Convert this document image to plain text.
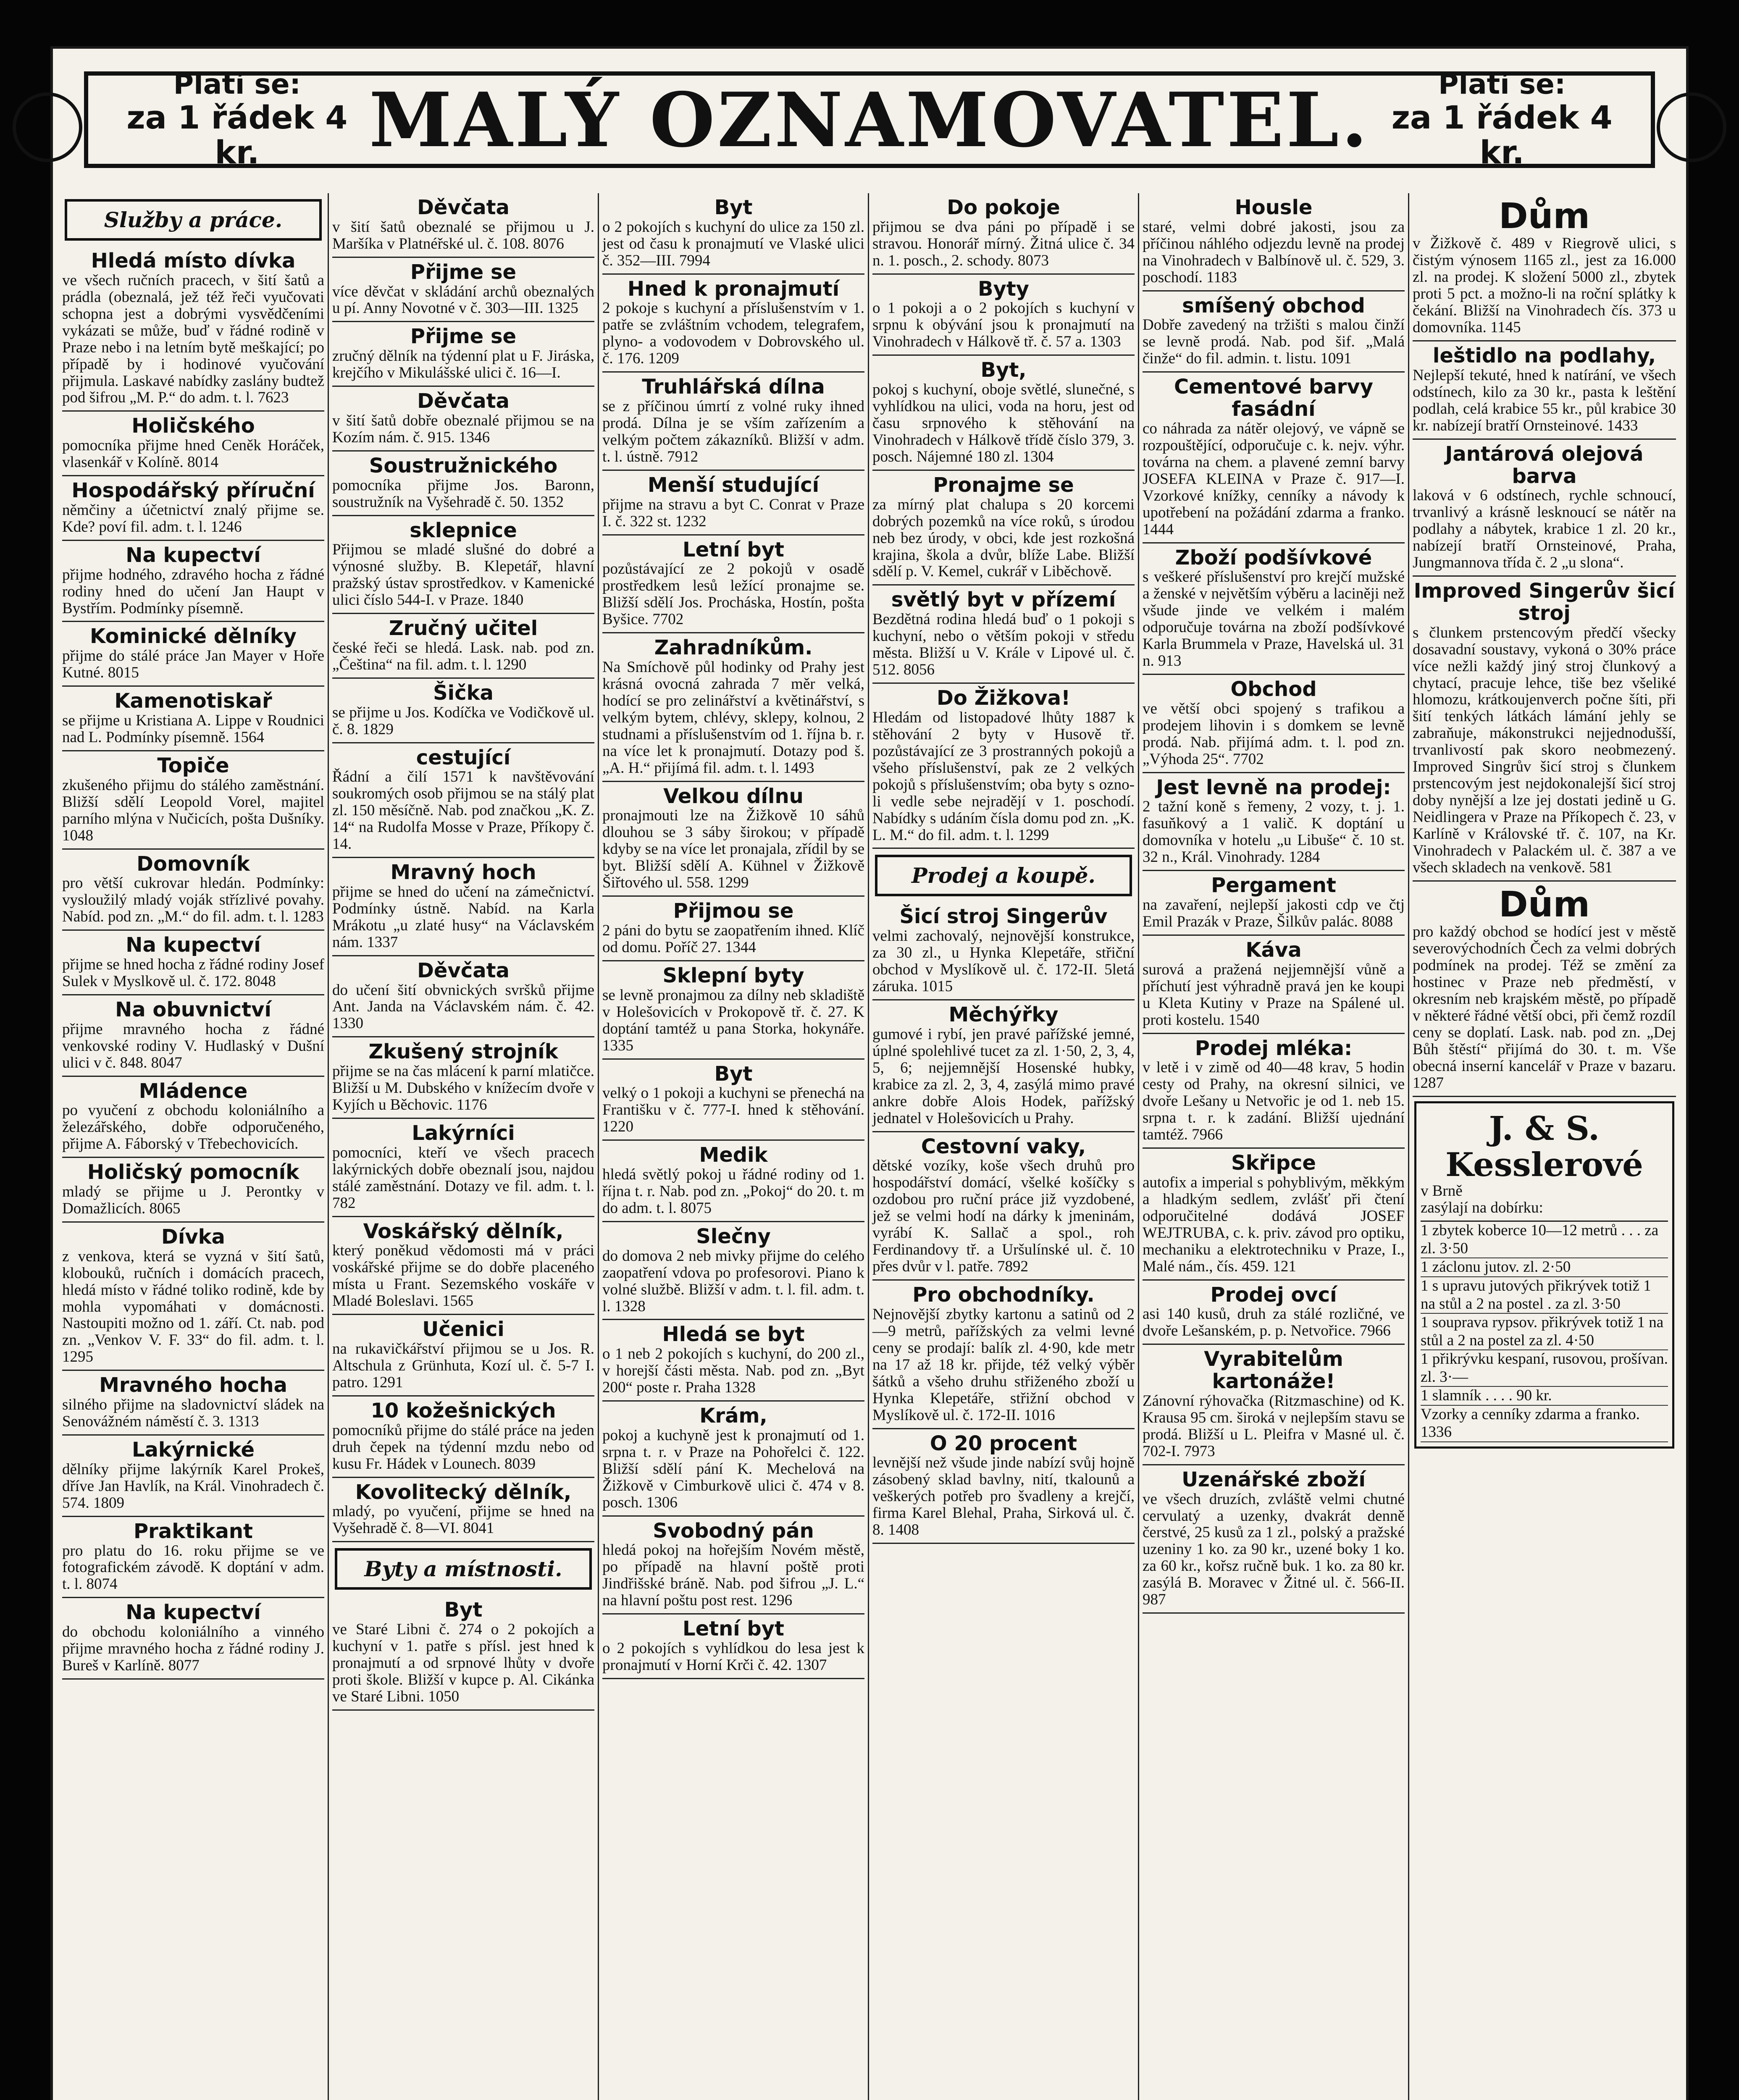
Platí se:
za 1 řádek 4 kr.	MALÝ OZNAMOVATEL.	Platí se:
za 1 řádek 4 kr.
Služby a práce.
Hledá místo dívka

ve všech ručních pracech, v šití šatů a prádla (obeznalá, jež též řeči vyučovati schopna jest a dobrými vysvědčeními vykázati se může, buď v řádné rodině v Praze nebo i na letním bytě meškající; po případě by i hodinové vyučování přijmula. Laskavé nabídky zaslány budtež pod šifrou „M. P.“ do adm. t. l. 7623

Holičského

pomocníka přijme hned Ceněk Horáček, vlasenkář v Kolíně. 8014

Hospodářský příruční

němčiny a účetnictví znalý přijme se. Kde? poví fil. adm. t. l. 1246

Na kupectví

přijme hodného, zdravého hocha z řádné rodiny hned do učení Jan Haupt v Bystřím. Podmínky písemně.

Kominické dělníky

přijme do stálé práce Jan Mayer v Hoře Kutné. 8015

Kamenotiskař

se přijme u Kristiana A. Lippe v Roudnici nad L. Podmínky písemně. 1564

Topiče

zkušeného přijmu do stálého zaměstnání. Bližší sdělí Leopold Vorel, majitel parního mlýna v Nučicích, pošta Dušníky. 1048

Domovník

pro větší cukrovar hledán. Podmínky: vysloužilý mladý voják střízlivé povahy. Nabíd. pod zn. „M.“ do fil. adm. t. l. 1283

Na kupectví

přijme se hned hocha z řádné rodiny Josef Sulek v Myslkově ul. č. 172. 8048

Na obuvnictví

přijme mravného hocha z řádné venkovské rodiny V. Hudlaský v Dušní ulici v č. 848. 8047

Mládence

po vyučení z obchodu koloniálního a železářského, dobře odporučeného, přijme A. Fáborský v Třebechovicích.

Holičský pomocník

mladý se přijme u J. Perontky v Domažlicích. 8065

Dívka

z venkova, která se vyzná v šití šatů, klobouků, ručních i domácích pracech, hledá místo v řádné tolikо rodině, kde by mohla vypomáhati v domácnosti. Nastoupiti možno od 1. září. Ct. nab. pod zn. „Venkov V. F. 33“ do fil. adm. t. l. 1295

Mravného hocha

silného přijme na sladovnictví sládek na Senovážném náměstí č. 3. 1313

Lakýrnické

dělníky přijme lakýrník Karel Prokeš, dříve Jan Havlík, na Král. Vinohradech č. 574. 1809

Praktikant

pro platu do 16. roku přijme se ve fotografickém závodě. K doptání v adm. t. l. 8074

Na kupectví

do obchodu koloniálního a vinného přijme mravného hocha z řádné rodiny J. Bureš v Karlíně. 8077

Děvčata

v šití šatů obeznalé se přijmou u J. Maršíka v Platnéřské ul. č. 108. 8076

Přijme se

více děvčat v skládání archů obeznalých u pí. Anny Novotné v č. 303—III. 1325

Přijme se

zručný dělník na týdenní plat u F. Jiráska, krejčího v Mikulášské ulici č. 16—I.

Děvčata

v šití šatů dobře obeznalé přijmou se na Kozím nám. č. 915. 1346

Soustružnického

pomocníka přijme Jos. Baronn, soustružník na Vyšehradě č. 50. 1352

sklepnice

Přijmou se mladé slušné do dobré a výnosné služby. B. Klepetář, hlavní pražský ústav sprostředkov. v Kamenické ulici číslo 544-I. v Praze. 1840

Zručný učitel

české řeči se hledá. Lask. nab. pod zn. „Čeština“ na fil. adm. t. l. 1290

Šička

se přijme u Jos. Kodíčka ve Vodičkově ul. č. 8. 1829

cestující

Řádní a čilí 1571 k navštěvování soukromých osob přijmou se na stálý plat zl. 150 měsíčně. Nab. pod značkou „K. Z. 14“ na Rudolfa Mosse v Praze, Příkopy č. 14.

Mravný hoch

přijme se hned do učení na zámečnictví. Podmínky ústně. Nabíd. na Karla Mrákotu „u zlaté husy“ na Václavském nám. 1337

Děvčata

do učení šití obvnických svršků přijme Ant. Janda na Václavském nám. č. 42. 1330

Zkušený strojník

přijme se na čas mlácení k parní mlatičce. Bližší u M. Dubského v knížecím dvoře v Kyjích u Běchovic. 1176

Lakýrníci

pomocníci, kteří ve všech pracech lakýrnických dobře obeznalí jsou, najdou stálé zaměstnání. Dotazy ve fil. adm. t. l. 782

Voskářský dělník,

který poněkud vědomosti má v práci voskářské přijme se do dobře placeného místa u Frant. Sezemského voskáře v Mladé Boleslavi. 1565

Učenici

na rukavičkářství přijmou se u Jos. R. Altschula z Grünhuta, Kozí ul. č. 5-7 I. patro. 1291

10 kožešnických

pomocníků přijme do stálé práce na jeden druh čepek na týdenní mzdu nebo od kusu Fr. Hádek v Lounech. 8039

Kovolitecký dělník,

mladý, po vyučení, přijme se hned na Vyšehradě č. 8—VI. 8041

Byty a místnosti.
Byt

ve Staré Libni č. 274 o 2 pokojích a kuchyní v 1. patře s přísl. jest hned k pronajmutí a od srpnové lhůty v dvoře proti škole. Bližší v kupce p. Al. Cikánka ve Staré Libni. 1050

Byt

o 2 pokojích s kuchyní do ulice za 150 zl. jest od času k pronajmutí ve Vlaské ulici č. 352—III. 7994

Hned k pronajmutí

2 pokoje s kuchyní a příslušenstvím v 1. patře se zvláštním vchodem, telegrafem, plyno- a vodovodem v Dobrovského ul. č. 176. 1209

Truhlářská dílna

se z příčinou úmrtí z volné ruky ihned prodá. Dílna je se vším zařízením a velkým počtem zákazníků. Bližší v adm. t. l. ústně. 7912

Menší studující

přijme na stravu a byt C. Conrat v Praze I. č. 322 st. 1232

Letní byt

pozůstávající ze 2 pokojů v osadě prostředkem lesů ležící pronajme se. Bližší sdělí Jos. Procháska, Hostín, pošta Byšice. 7702

Zahradníkům.

Na Smíchově půl hodinky od Prahy jest krásná ovocná zahrada 7 měr velká, hodící se pro zelinářství a květinářství, s velkým bytem, chlévy, sklepy, kolnou, 2 studnami a příslušenstvím od 1. října b. r. na více let k pronajmutí. Dotazy pod š. „A. H.“ přijímá fil. adm. t. l. 1493

Velkou dílnu

pronajmouti lze na Žižkově 10 sáhů dlouhou se 3 sáby širokou; v případě kdyby se na více let pronajala, zřídil by se byt. Bližší sdělí A. Kühnel v Žižkově Šiřtového ul. 558. 1299

Přijmou se

2 páni do bytu se zaopatřením ihned. Klíč od domu. Poříč 27. 1344

Sklepní byty

se levně pronajmou za dílny neb skladiště v Holešovicích v Prokopově tř. č. 27. K doptání tamtéž u pana Storka, hokynáře. 1335

Byt

velký o 1 pokoji a kuchyni se přenechá na Františku v č. 777-I. hned k stěhování. 1220

Medik

hledá světlý pokoj u řádné rodiny od 1. října t. r. Nab. pod zn. „Pokoj“ do 20. t. m do adm. t. l. 8075

Slečny

do domova 2 neb mivky přijme do celého zaopatření vdova po profesorovi. Piano k volné službě. Bližší v adm. t. l. fil. adm. t. l. 1328

Hledá se byt

o 1 neb 2 pokojích s kuchyní, do 200 zl., v horejší části města. Nab. pod zn. „Byt 200“ poste r. Praha 1328

Krám,

pokoj a kuchyně jest k pronajmutí od 1. srpna t. r. v Praze na Pohořelci č. 122. Bližší sdělí pání K. Mechelová na Žižkově v Cimburkově ulici č. 474 v 8. posch. 1306

Svobodný pán

hledá pokoj na hořejším Novém městě, po případě na hlavní poště proti Jindřišské bráně. Nab. pod šifrou „J. L.“ na hlavní poštu post rest. 1296

Letní byt

o 2 pokojích s vyhlídkou do lesa jest k pronajmutí v Horní Krči č. 42. 1307

Do pokoje

přijmou se dva páni po případě i se stravou. Honorář mírný. Žitná ulice č. 34 n. 1. posch., 2. schody. 8073

Byty

o 1 pokoji a o 2 pokojích s kuchyní v srpnu k obývání jsou k pronajmutí na Vinohradech v Hálkově tř. č. 57 a. 1303

Byt,

pokoj s kuchyní, oboje světlé, slunečné, s vyhlídkou na ulici, voda na horu, jest od času srpnového k stěhování na Vinohradech v Hálkově třídě číslo 379, 3. posch. Nájemné 180 zl. 1304

Pronajme se

za mírný plat chalupa s 20 korcemi dobrých pozemků na více roků, s úrodou neb bez úrody, v obci, kde jest rozkošná krajina, škola a dvůr, blíže Labe. Bližší sdělí p. V. Kemel, cukrář v Liběchově.

světlý byt v přízemí

Bezdětná rodina hledá buď o 1 pokoji s kuchyní, nebo o větším pokoji v středu města. Bližší u V. Krále v Lipové ul. č. 512. 8056

Do Žižkova!

Hledám od listopadové lhůty 1887 k stěhování 2 byty v Husově tř. pozůstávající ze 3 prostranných pokojů a všeho příslušenství, pak ze 2 velkých pokojů s příslušenstvím; oba byty s ozno-li vedle sebe nejradějí v 1. poschodí. Nabídky s udáním čísla domu pod zn. „K. L. M.“ do fil. adm. t. l. 1299

Prodej a koupě.
Šicí stroj Singerův

velmi zachovalý, nejnovější konstrukce, za 30 zl., u Hynka Klepetáře, střiční obchod v Myslíkově ul. č. 172-II. 5letá záruka. 1015

Měchýřky

gumové i rybí, jen pravé pařížské jemné, úplné spolehlivé tucet za zl. 1·50, 2, 3, 4, 5, 6; nejjemnější Hosenské hubky, krabice za zl. 2, 3, 4, zasýlá mimo pravé ankre dobře Alois Hodek, pařížský jednatel v Holešovicích u Prahy.

Cestovní vaky,

dětské vozíky, koše všech druhů pro hospodářství domácí, všelké košíčky s ozdobou pro ruční práce již vyzdobené, jež se velmi hodí na dárky k jmeninám, vyrábí K. Sallač a spol., roh Ferdinandovy tř. a Uršulínské ul. č. 10 přes dvůr v l. patře. 7892

Pro obchodníky.

Nejnovější zbytky kartonu a satinů od 2—9 metrů, pařížských za velmi levné ceny se prodají: balík zl. 4·90, kde metr na 17 až 18 kr. přijde, též velký výběr šátků a všeho druhu střiženého zboží u Hynka Klepetáře, střižní obchod v Myslíkově ul. č. 172-II. 1016

O 20 procent

levnější než všude jinde nabízí svůj hojně zásobený sklad bavlny, nití, tkalounů a veškerých potřeb pro švadleny a krejčí, firma Karel Blehal, Praha, Sirková ul. č. 8. 1408

Housle

staré, velmi dobré jakosti, jsou za příčinou náhlého odjezdu levně na prodej na Vinohradech v Balbínově ul. č. 529, 3. poschodí. 1183

smíšený obchod

Dobře zavedený na tržišti s malou činží se levně prodá. Nab. pod šif. „Malá činže“ do fil. admin. t. listu. 1091

Cementové barvy fasádní

co náhrada za nátěr olejový, ve vápně se rozpouštějící, odporučuje c. k. nejv. výhr. továrna na chem. a plavené zemní barvy JOSEFA KLEINA v Praze č. 917—I. Vzorkové knížky, cenníky a návody k upotřebení na požádání zdarma a franko. 1444

Zboží podšívkové

s veškeré příslušenství pro krejčí mužské a ženské v největším výběru a laciněji než všude jinde ve velkém i malém odporučuje továrna na zboží podšívkové Karla Brummela v Praze, Havelská ul. 31 n. 913

Obchod

ve větší obci spojený s trafikou a prodejem lihovin i s domkem se levně prodá. Nab. přijímá adm. t. l. pod zn. „Výhoda 25“. 7702

Jest levně na prodej:

2 tažní koně s řemeny, 2 vozy, t. j. 1. fasuňkový a 1 valič. K doptání u domovníka v hotelu „u Libuše“ č. 10 st. 32 n., Král. Vinohrady. 1284

Pergament

na zavaření, nejlepší jakosti cdp ve čtj Emil Prazák v Praze, Šilkův palác. 8088

Káva

surová a pražená nejjemnější vůně a příchutí jest výhradně pravá jen ke koupi u Kleta Kutiny v Praze na Spálené ul. proti kostelu. 1540

Prodej mléka:

v letě i v zimě od 40—48 krav, 5 hodin cesty od Prahy, na okresní silnici, ve dvoře Lešany u Netvořic je od 1. neb 15. srpna t. r. k zadání. Bližší ujednání tamtéž. 7966

Skřipce

autofix a imperial s pohyblivým, měkkým a hladkým sedlem, zvlášť při čtení odporučitelné dodává JOSEF WEJTRUBA, c. k. priv. závod pro optiku, mechaniku a elektrotechniku v Praze, I., Malé nám., čís. 459. 121

Prodej ovcí

asi 140 kusů, druh za stálé rozličné, ve dvoře Lešanském, p. p. Netvořice. 7966

Vyrabitelům kartonáže!

Zánovní rýhovačka (Ritzmaschine) od K. Krausa 95 cm. široká v nejlepším stavu se prodá. Bližší u L. Pleifra v Masné ul. č. 702-I. 7973

Uzenářské zboží

ve všech druzích, zvláště velmi chutné cervulatý a uzenky, dvakrát denně čerstvé, 25 kusů za 1 zl., polský a pražské uzeniny 1 ko. za 90 kr., uzené boky 1 ko. za 60 kr., kořsz ručně buk. 1 ko. za 80 kr. zasýlá B. Moravec v Žitné ul. č. 566-II. 987

Dům

v Žižkově č. 489 v Riegrově ulici, s čistým výnosem 1165 zl., jest za 16.000 zl. na prodej. K složení 5000 zl., zbytek proti 5 pct. a možno-li na roční splátky k čekání. Bližší na Vinohradech čís. 373 u domovníka. 1145

leštidlo na podlahy,

Nejlepší tekuté, hned k natírání, ve všech odstínech, kilo za 30 kr., pasta k leštění podlah, celá krabice 55 kr., půl krabice 30 kr. nabízejí bratří Ornsteinové. 1433

Jantárová olejová barva

laková v 6 odstínech, rychle schnoucí, trvanlivý a krásně lesknoucí se nátěr na podlahy a nábytek, krabice 1 zl. 20 kr., nabízejí bratří Ornsteinové, Praha, Jungmannova třída č. 2 „u slona“.

Improved Singerův šicí stroj

s člunkem prstencovým předčí všecky dosavadní soustavy, vykoná o 30% práce více nežli každý jiný stroj člunkový a chytací, pracuje lehce, tiše bez všeliké hlomozu, krátkoujenverch počne šíti, při šití tenkých látkách lámání jehly se zabraňuje, mákonstrukci nejjednodušší, trvanlivostí pak skoro neobmezený. Improved Singrův šicí stroj s člunkem prstencovým jest nejdokonalejší šicí stroj doby nynější a lze jej dostati jedině u G. Neidlingera v Praze na Příkopech č. 23, v Karlíně v Královské tř. č. 107, na Kr. Vinohradech v Palackém ul. č. 387 a ve všech skladech na venkově. 581

Dům

pro každý obchod se hodící jest v městě severovýchodních Čech za velmi dobrých podmínek na prodej. Též se změní za hostinec v Praze neb předměstí, v okresním neb krajském městě, po případě v některé řádné větší obci, při čemž rozdíl ceny se doplatí. Lask. nab. pod zn. „Dej Bůh štěstí“ přijímá do 30. t. m. Vše obecná inserní kancelář v Praze v bazaru. 1287

J. & S. Kesslerové

v Brně

zasýlají na dobírku:

1 zbytek koberce 10—12 metrů . . . za zl. 3·50
1 záclonu jutov. zl. 2·50
1 s upravu jutových přikrývek totiž 1 na stůl a 2 na postel . za zl. 3·50
1 souprava rypsov. přikrývek totiž 1 na stůl a 2 na postel za zl. 4·50
1 přikrývku kespaní, rusovou, prošívan. zl. 3·—
1 slamník . . . . 90 kr.
Vzorky a cenníky zdarma a franko. 1336
